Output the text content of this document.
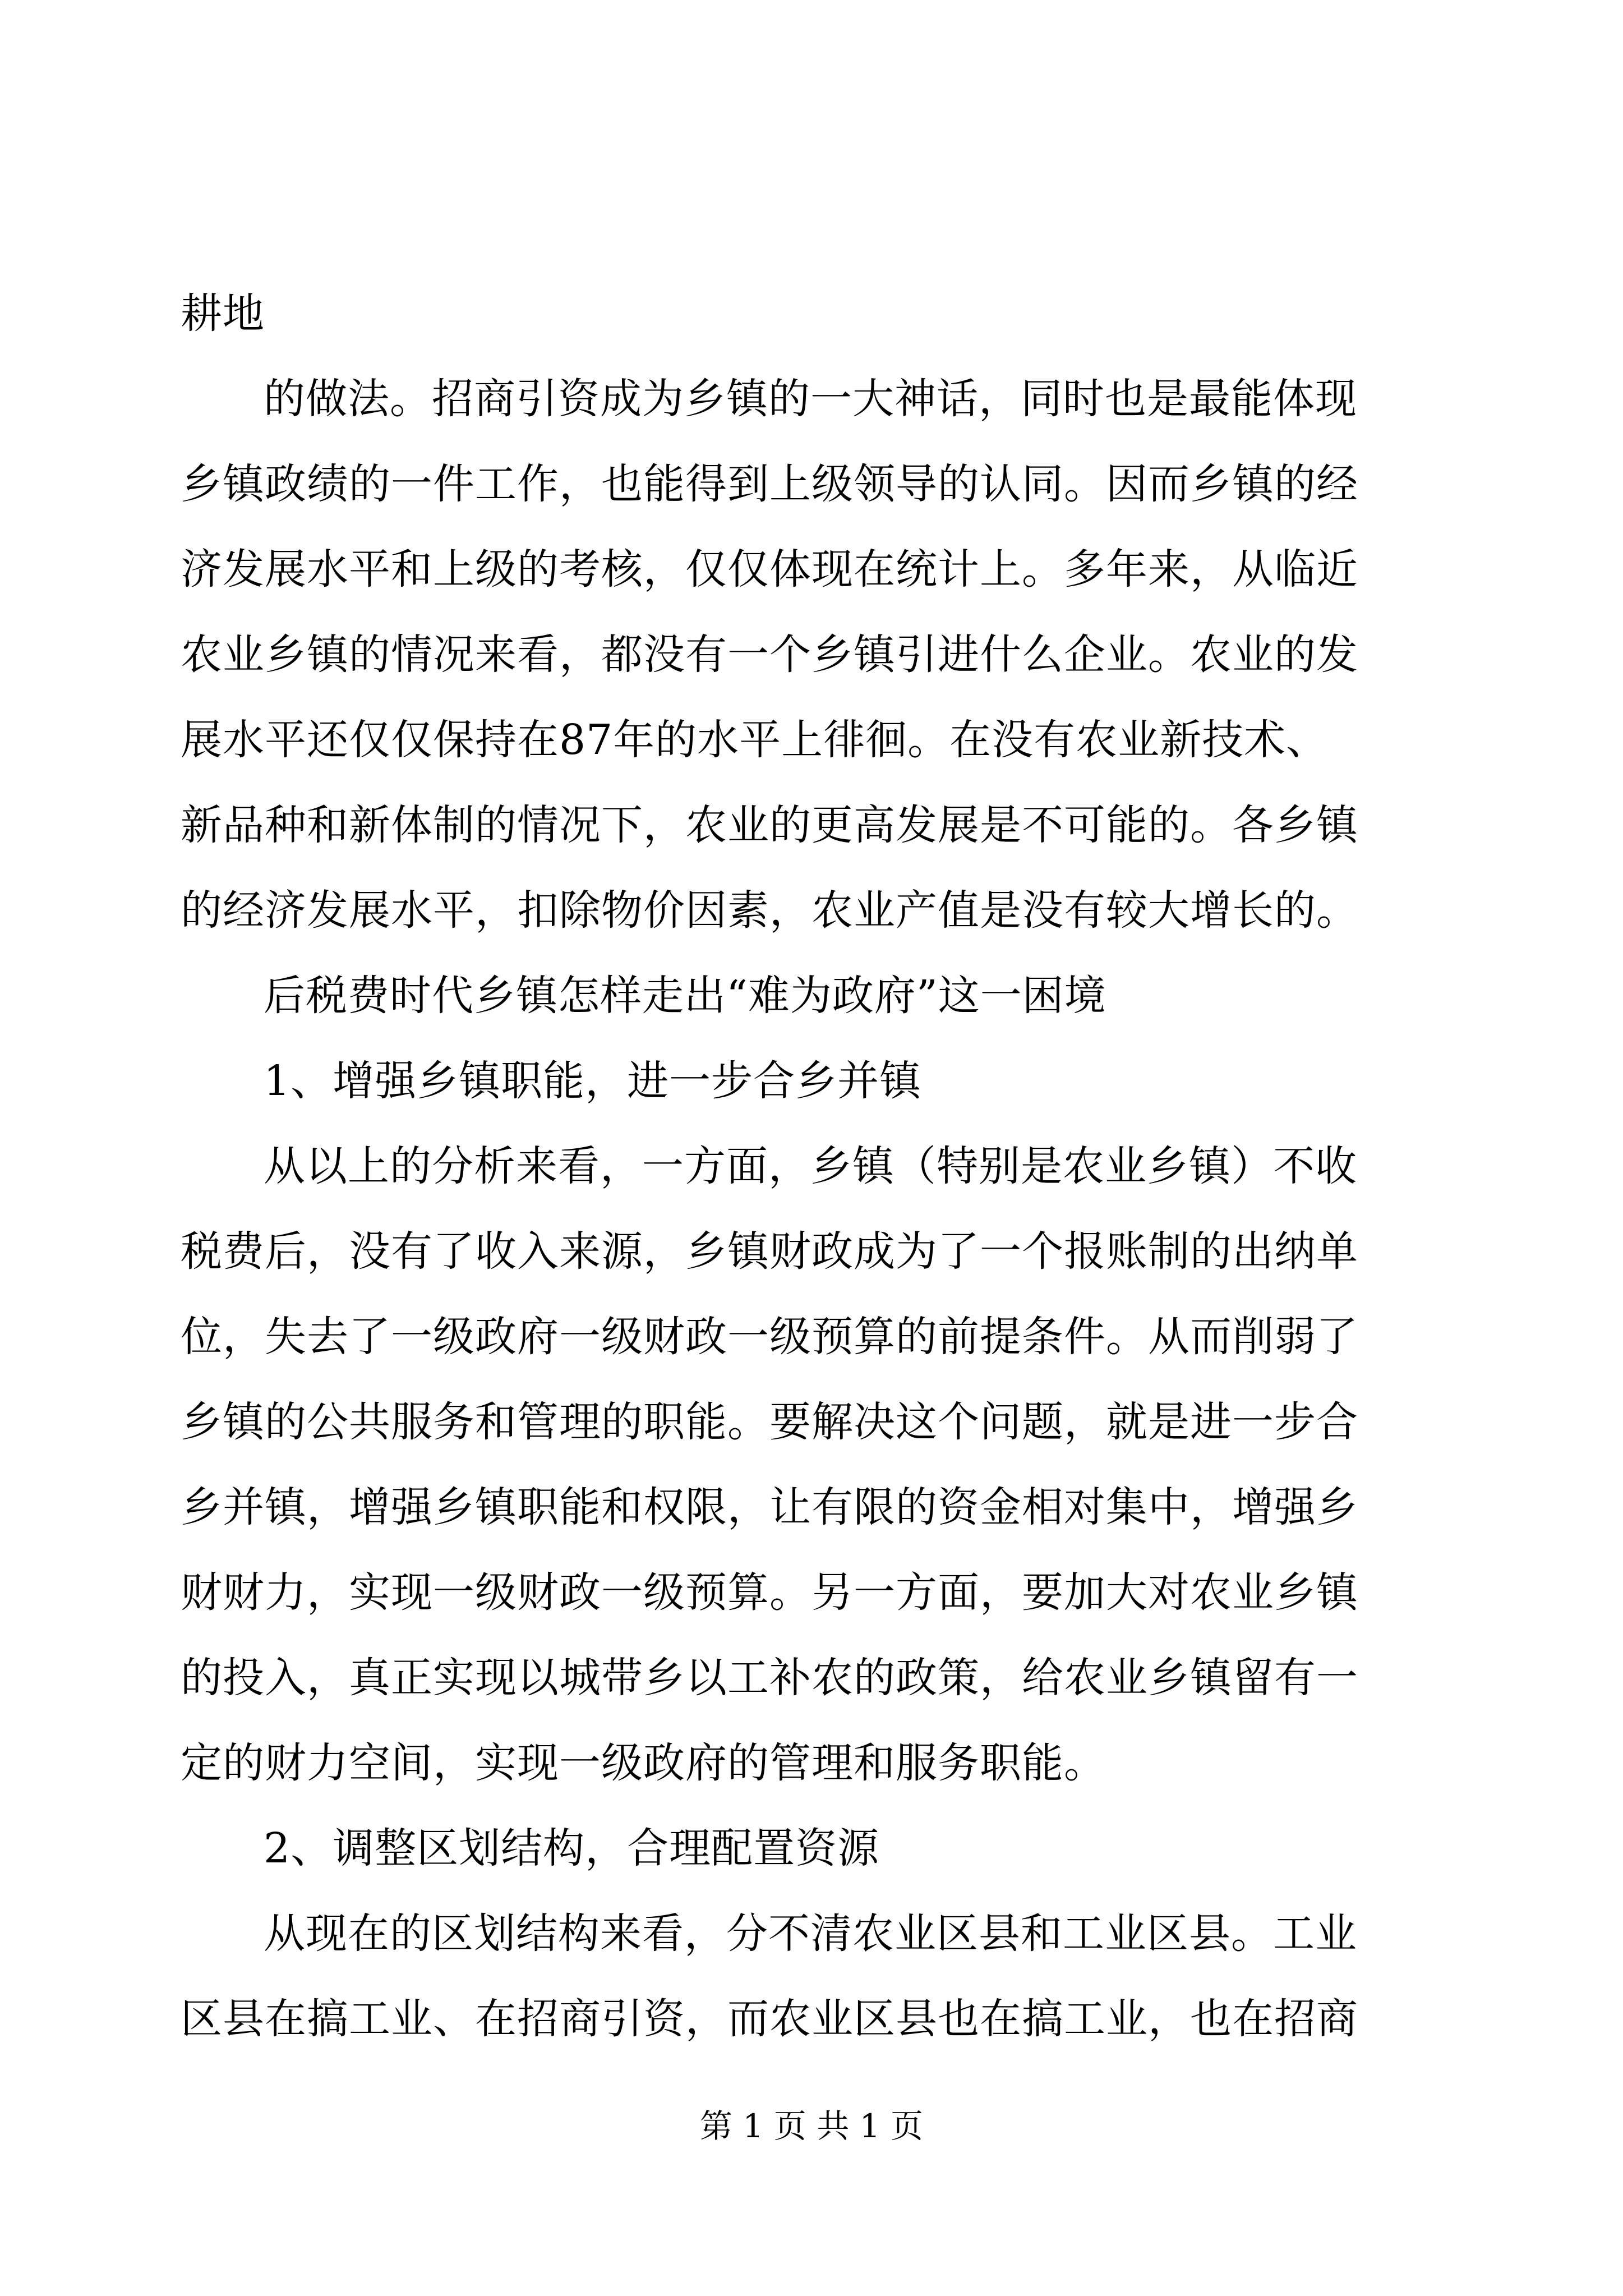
耕地
的做法。招商引资成为乡镇的一大神话，同时也是最能体现
乡镇政绩的一件工作，也能得到上级领导的认同。因而乡镇的经
济发展水平和上级的考核，仅仅体现在统计上。多年来，从临近
农业乡镇的情况来看，都没有一个乡镇引进什么企业。农业的发
展水平还仅仅保持在87年的水平上徘徊。在没有农业新技术、
新品种和新体制的情况下，农业的更高发展是不可能的。各乡镇
的经济发展水平，扣除物价因素，农业产值是没有较大增长的。
后税费时代乡镇怎样走出“难为政府”这一困境
1、增强乡镇职能，进一步合乡并镇
从以上的分析来看，一方面，乡镇（特别是农业乡镇）不收
税费后，没有了收入来源，乡镇财政成为了一个报账制的出纳单
位，失去了一级政府一级财政一级预算的前提条件。从而削弱了
乡镇的公共服务和管理的职能。要解决这个问题，就是进一步合
乡并镇，增强乡镇职能和权限，让有限的资金相对集中，增强乡
财财力，实现一级财政一级预算。另一方面，要加大对农业乡镇
的投入，真正实现以城带乡以工补农的政策，给农业乡镇留有一
定的财力空间，实现一级政府的管理和服务职能。
2、调整区划结构，合理配置资源
从现在的区划结构来看，分不清农业区县和工业区县。工业
区县在搞工业、在招商引资，而农业区县也在搞工业，也在招商
第 1 页 共 1 页
